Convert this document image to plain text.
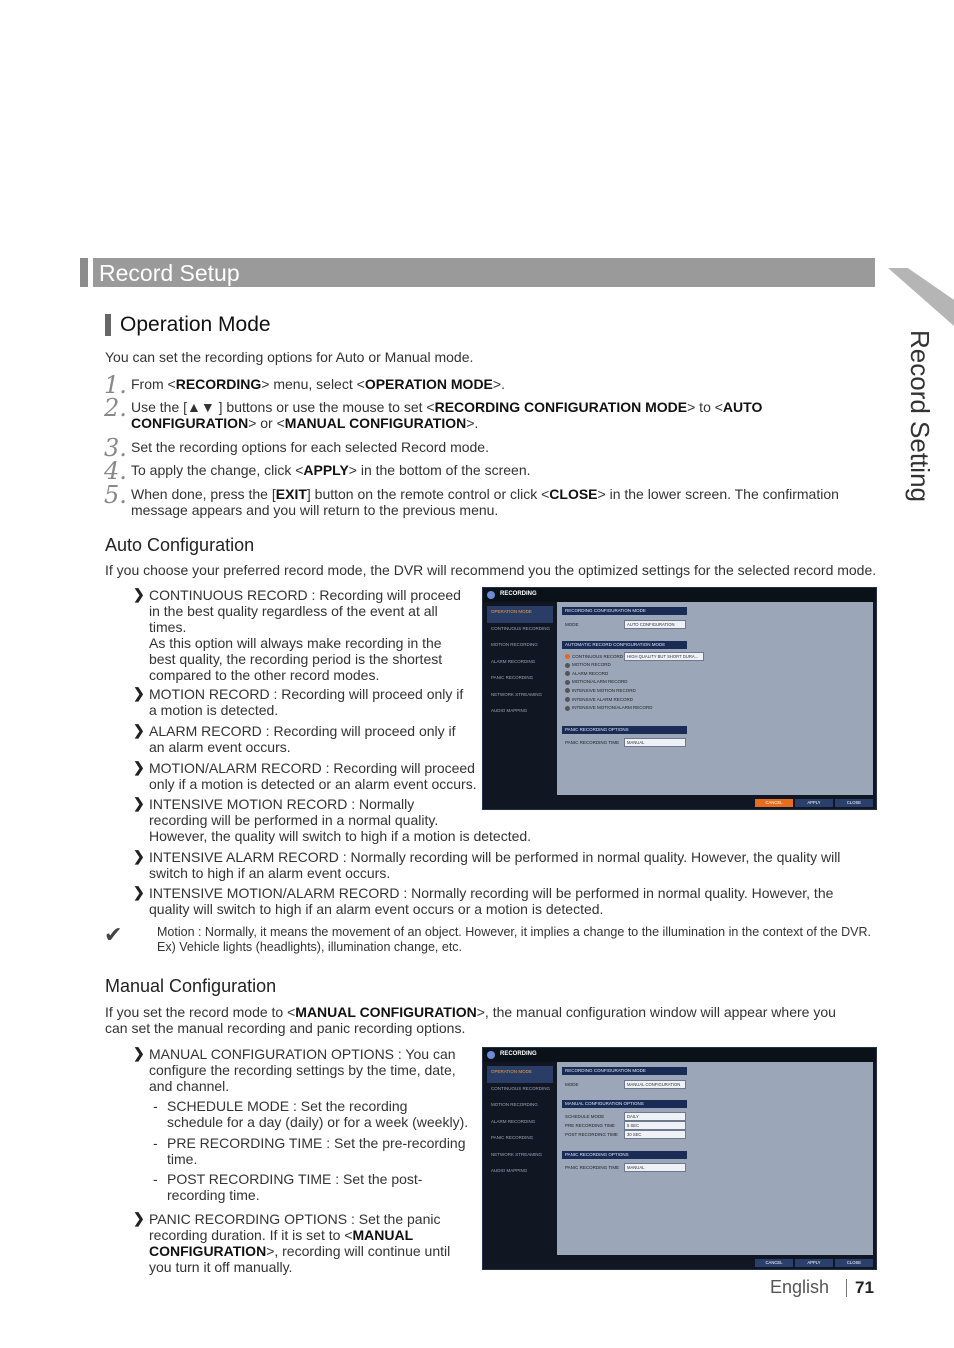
Record Setup
Record Setting
Operation Mode
You can set the recording options for Auto or Manual mode.
1. From <RECORDING> menu, select <OPERATION MODE>.
2. Use the [▲▼ ] buttons or use the mouse to set <RECORDING CONFIGURATION MODE> to <AUTO
CONFIGURATION> or <MANUAL CONFIGURATION>.
3. Set the recording options for each selected Record mode.
4. To apply the change, click <APPLY> in the bottom of the screen.
5. When done, press the [EXIT] button on the remote control or click <CLOSE> in the lower screen. The confirmation
message appears and you will return to the previous menu.
Auto Configuration
If you choose your preferred record mode, the DVR will recommend you the optimized settings for the selected record mode.
❯ CONTINUOUS RECORD : Recording will proceed
in the best quality regardless of the event at all
times.
As this option will always make recording in the
best quality, the recording period is the shortest
compared to the other record modes.
❯ MOTION RECORD : Recording will proceed only if
a motion is detected.
❯ ALARM RECORD : Recording will proceed only if
an alarm event occurs.
❯ MOTION/ALARM RECORD : Recording will proceed
only if a motion is detected or an alarm event occurs.
❯ INTENSIVE MOTION RECORD : Normally
recording will be performed in a normal quality.
However, the quality will switch to high if a motion is detected.
❯ INTENSIVE ALARM RECORD : Normally recording will be performed in normal quality. However, the quality will
switch to high if an alarm event occurs.
❯ INTENSIVE MOTION/ALARM RECORD : Normally recording will be performed in normal quality. However, the
quality will switch to high if an alarm event occurs or a motion is detected.
✔	Motion : Normally, it means the movement of an object. However, it implies a change to the illumination in the context of the DVR.
Ex) Vehicle lights (headlights), illumination change, etc.
RECORDING
OPERATION MODE
CONTINUOUS RECORDING
MOTION RECORDING
ALARM RECORDING
PANIC RECORDING
NETWORK STREAMING
AUDIO MAPPING
RECORDING CONFIGURATION MODE
MODE	AUTO CONFIGURATION
AUTOMATIC RECORD CONFIGURATION MODE
CONTINUOUS RECORD
MOTION RECORD
ALARM RECORD
MOTION/ALARM RECORD
INTENSIVE MOTION RECORD
INTENSIVE ALARM RECORD
INTENSIVE MOTION/ALARM RECORD
HIGH QUALITY BUT SHORT DURA...
PANIC RECORDING OPTIONS
PANIC RECORDING TIME	MANUAL
CANCEL	APPLY	CLOSE
Manual Configuration
If you set the record mode to <MANUAL CONFIGURATION>, the manual configuration window will appear where you
can set the manual recording and panic recording options.
❯ MANUAL CONFIGURATION OPTIONS : You can
configure the recording settings by the time, date,
and channel.
- SCHEDULE MODE : Set the recording
schedule for a day (daily) or for a week (weekly).
- PRE RECORDING TIME : Set the pre-recording
time.
- POST RECORDING TIME : Set the post-
recording time.
❯ PANIC RECORDING OPTIONS : Set the panic
recording duration. If it is set to <MANUAL
CONFIGURATION>, recording will continue until
you turn it off manually.
RECORDING
OPERATION MODE
CONTINUOUS RECORDING
MOTION RECORDING
ALARM RECORDING
PANIC RECORDING
NETWORK STREAMING
AUDIO MAPPING
RECORDING CONFIGURATION MODE
MODE	MANUAL CONFIGURATION
MANUAL CONFIGURATION OPTIONS
SCHEDULE MODE	DAILY
PRE RECORDING TIME	5 SEC
POST RECORDING TIME	30 SEC
PANIC RECORDING OPTIONS
PANIC RECORDING TIME	MANUAL
CANCEL	APPLY	CLOSE
English 71
